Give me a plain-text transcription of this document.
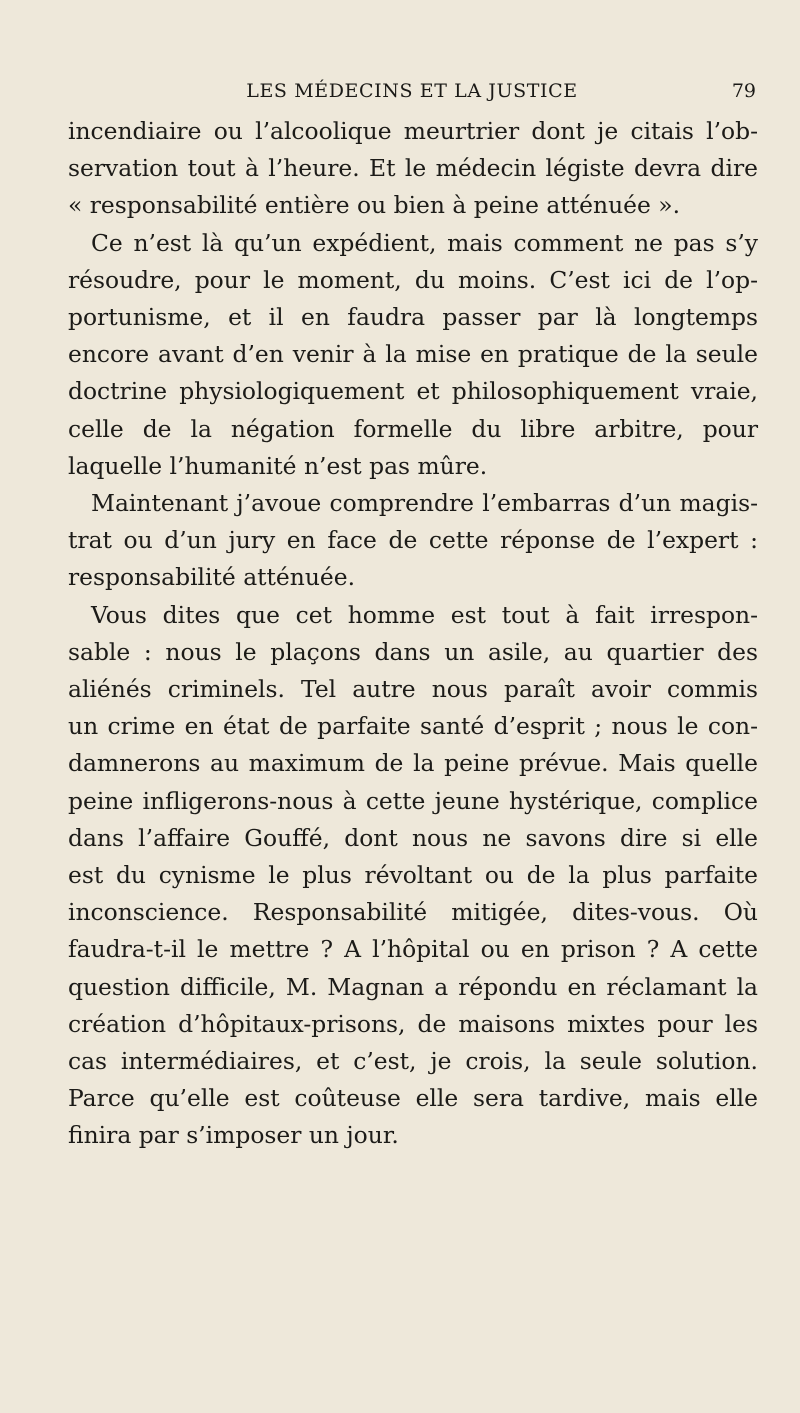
LES MÉDECINS ET LA JUSTICE	79
incendiaire ou l’alcoolique meurtrier dont je citais l’ob-
servation tout à l’heure. Et le médecin légiste devra dire
« responsabilité entière ou bien à peine atténuée ».
Ce n’est là qu’un expédient, mais comment ne pas s’y
résoudre, pour le moment, du moins. C’est ici de l’op-
portunisme, et il en faudra passer par là longtemps
encore avant d’en venir à la mise en pratique de la seule
doctrine physiologiquement et philosophiquement vraie,
celle de la négation formelle du libre arbitre, pour
laquelle l’humanité n’est pas mûre.
Maintenant j’avoue comprendre l’embarras d’un magis-
trat ou d’un jury en face de cette réponse de l’expert :
responsabilité atténuée.
Vous dites que cet homme est tout à fait irrespon-
sable : nous le plaçons dans un asile, au quartier des
aliénés criminels. Tel autre nous paraît avoir commis
un crime en état de parfaite santé d’esprit ; nous le con-
damnerons au maximum de la peine prévue. Mais quelle
peine infligerons-nous à cette jeune hystérique, complice
dans l’affaire Gouffé, dont nous ne savons dire si elle
est du cynisme le plus révoltant ou de la plus parfaite
inconscience. Responsabilité mitigée, dites-vous. Où
faudra-t-il le mettre ? A l’hôpital ou en prison ? A cette
question difficile, M. Magnan a répondu en réclamant la
création d’hôpitaux-prisons, de maisons mixtes pour les
cas intermédiaires, et c’est, je crois, la seule solution.
Parce qu’elle est coûteuse elle sera tardive, mais elle
finira par s’imposer un jour.
